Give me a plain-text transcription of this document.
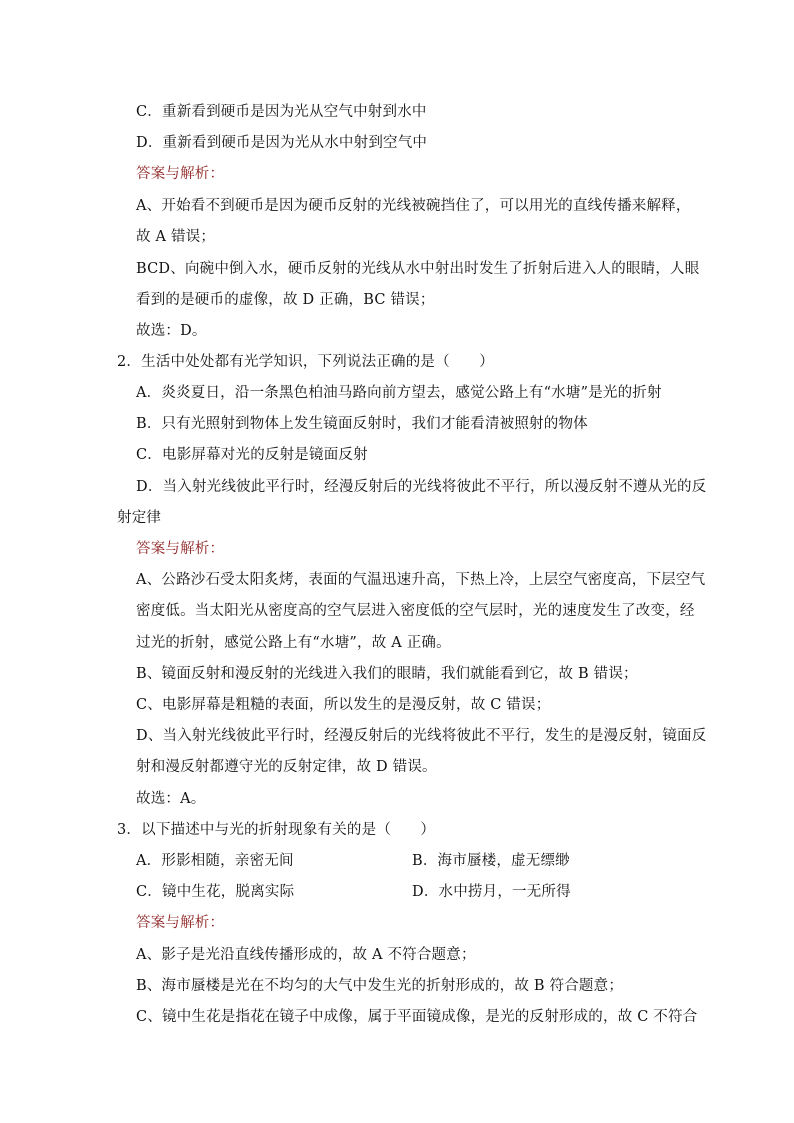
C．重新看到硬币是因为光从空气中射到水中
D．重新看到硬币是因为光从水中射到空气中
答案与解析：
A、开始看不到硬币是因为硬币反射的光线被碗挡住了，可以用光的直线传播来解释，
故 A 错误；
BCD、向碗中倒入水，硬币反射的光线从水中射出时发生了折射后进入人的眼睛，人眼
看到的是硬币的虚像，故 D 正确，BC 错误；
故选：D。
2．生活中处处都有光学知识，下列说法正确的是（　　）
A．炎炎夏日，沿一条黑色柏油马路向前方望去，感觉公路上有“水塘”是光的折射
B．只有光照射到物体上发生镜面反射时，我们才能看清被照射的物体
C．电影屏幕对光的反射是镜面反射
D．当入射光线彼此平行时，经漫反射后的光线将彼此不平行，所以漫反射不遵从光的反
射定律
答案与解析：
A、公路沙石受太阳炙烤，表面的气温迅速升高，下热上冷，上层空气密度高，下层空气
密度低。当太阳光从密度高的空气层进入密度低的空气层时，光的速度发生了改变，经
过光的折射，感觉公路上有“水塘”，故 A 正确。
B、镜面反射和漫反射的光线进入我们的眼睛，我们就能看到它，故 B 错误；
C、电影屏幕是粗糙的表面，所以发生的是漫反射，故 C 错误；
D、当入射光线彼此平行时，经漫反射后的光线将彼此不平行，发生的是漫反射，镜面反
射和漫反射都遵守光的反射定律，故 D 错误。
故选：A。
3．以下描述中与光的折射现象有关的是（　　）
A．形影相随，亲密无间	B．海市蜃楼，虚无缥缈
C．镜中生花，脱离实际	D．水中捞月，一无所得
答案与解析：
A、影子是光沿直线传播形成的，故 A 不符合题意；
B、海市蜃楼是光在不均匀的大气中发生光的折射形成的，故 B 符合题意；
C、镜中生花是指花在镜子中成像，属于平面镜成像，是光的反射形成的，故 C 不符合
